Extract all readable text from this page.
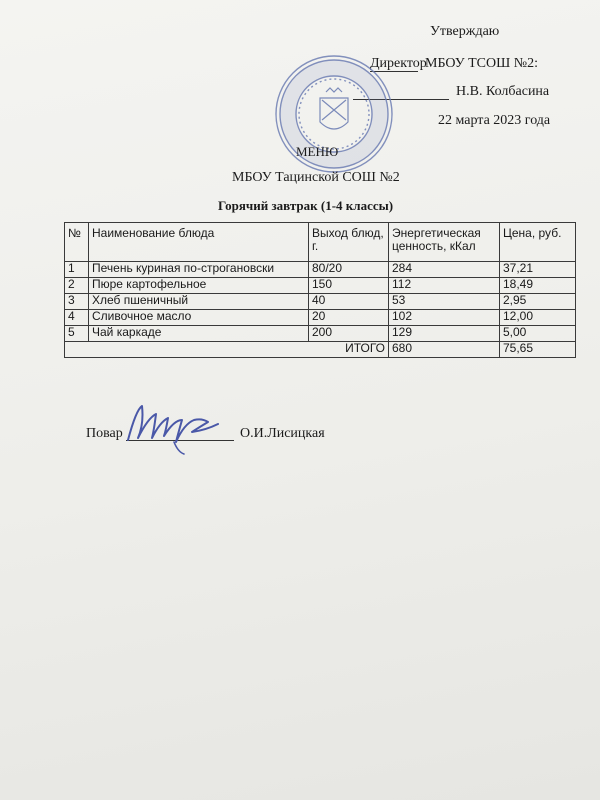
Утверждаю
Директор
МБОУ ТСОШ №2:
Н.В. Колбасина
22 марта 2023 года
МЕНЮ
МБОУ Тацинской СОШ №2
Горячий завтрак (1-4 классы)
№	Наименование блюда	Выход блюд, г.	Энергетическая ценность, кКал	Цена, руб.
1	Печень куриная по-строгановски	80/20	284	37,21
2	Пюре картофельное	150	112	18,49
3	Хлеб пшеничный	40	53	2,95
4	Сливочное масло	20	102	12,00
5	Чай каркаде	200	129	5,00
ИТОГО			680	75,65
Повар	О.И.Лисицкая
